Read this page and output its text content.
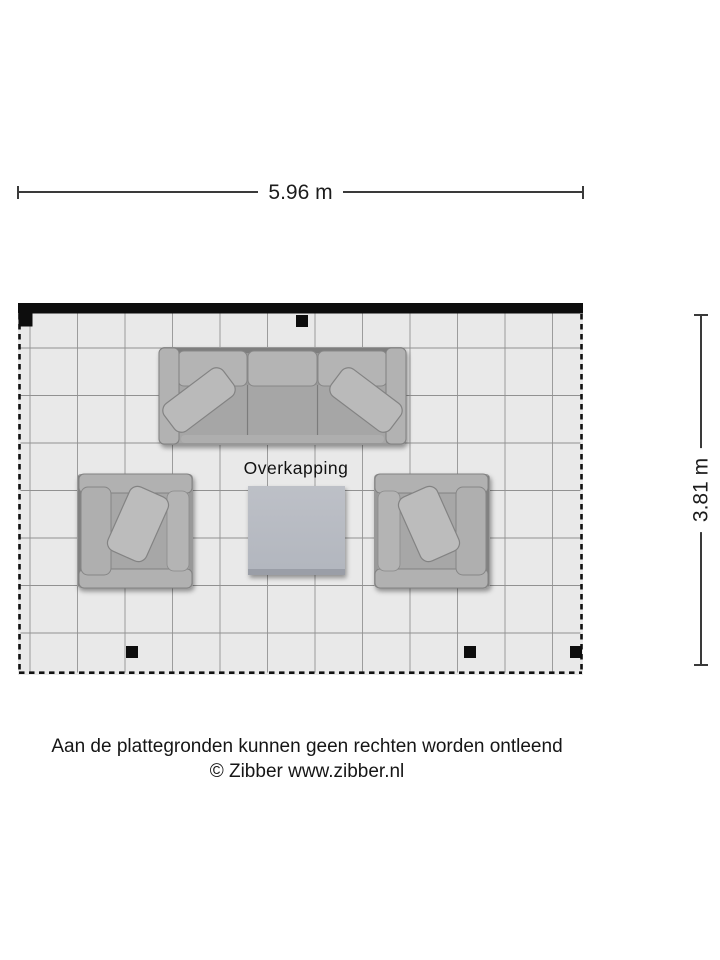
5.96 m
Overkapping	3.81 m
Aan de plattegronden kunnen geen rechten worden ontleend
© Zibber www.zibber.nl
